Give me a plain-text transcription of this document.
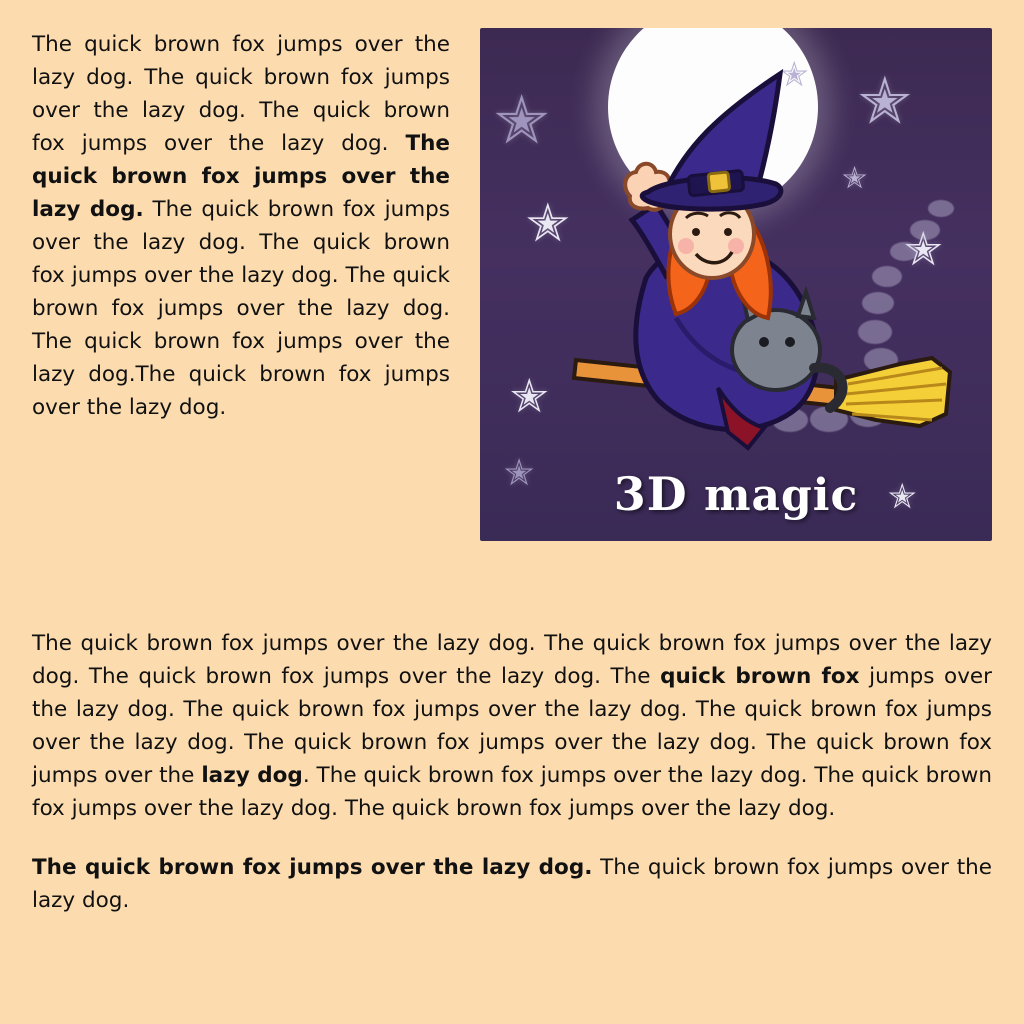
The quick brown fox jumps over the lazy dog. The quick brown fox jumps over the lazy dog. The quick brown fox jumps over the lazy dog. The quick brown fox jumps over the lazy dog. The quick brown fox jumps over the lazy dog. The quick brown fox jumps over the lazy dog. The quick brown fox jumps over the lazy dog. The quick brown fox jumps over the lazy dog.The quick brown fox jumps over the lazy dog.

✭
✭
✭
✭
✭ ✭
✭
✭
✭
3D magic

The quick brown fox jumps over the lazy dog. The quick brown fox jumps over the lazy dog. The quick brown fox jumps over the lazy dog. The quick brown fox jumps over the lazy dog. The quick brown fox jumps over the lazy dog. The quick brown fox jumps over the lazy dog. The quick brown fox jumps over the lazy dog. The quick brown fox jumps over the lazy dog. The quick brown fox jumps over the lazy dog. The quick brown fox jumps over the lazy dog. The quick brown fox jumps over the lazy dog.

The quick brown fox jumps over the lazy dog. The quick brown fox jumps over the lazy dog.
